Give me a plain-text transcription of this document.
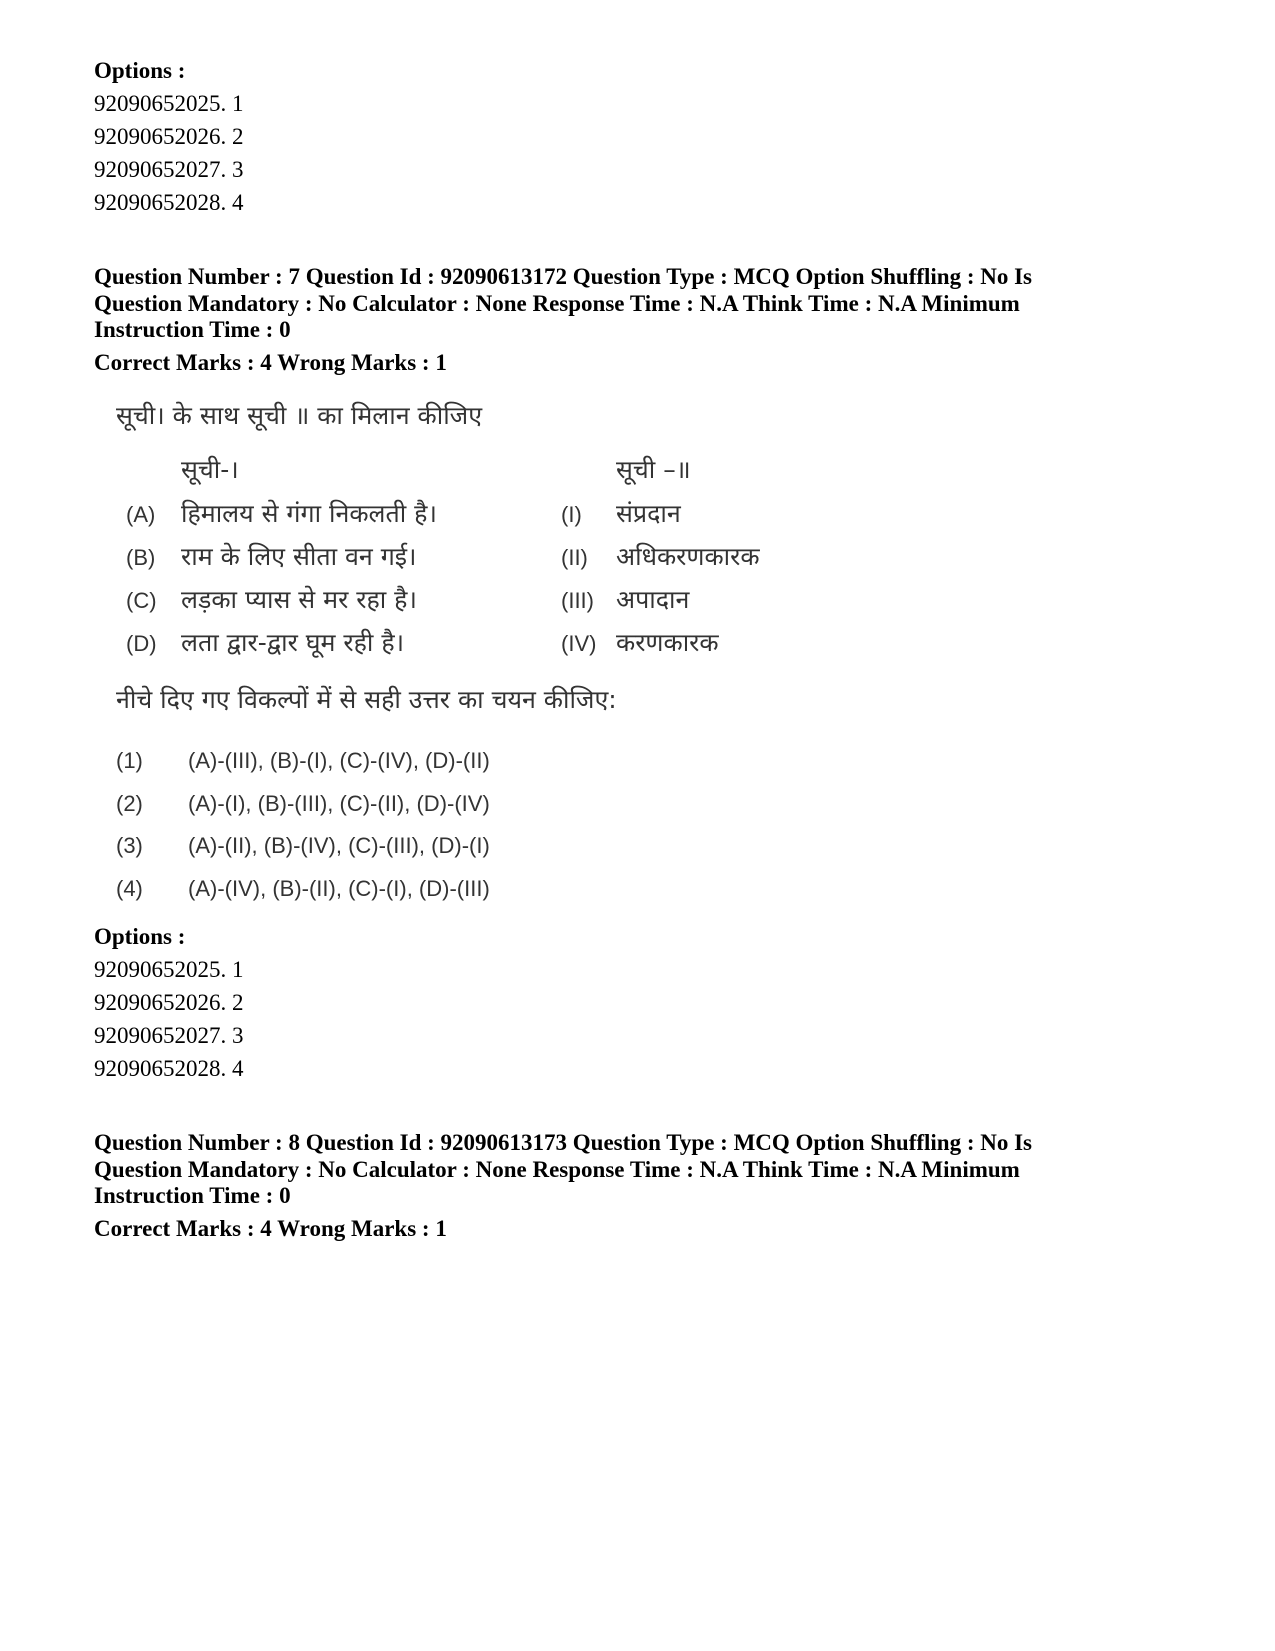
Options :
92090652025. 1
92090652026. 2
92090652027. 3
92090652028. 4
Question Number : 7 Question Id : 92090613172 Question Type : MCQ Option Shuffling : No Is
Question Mandatory : No Calculator : None Response Time : N.A Think Time : N.A Minimum
Instruction Time : 0
Correct Marks : 4 Wrong Marks : 1
सूची। के साथ सूची ॥ का मिलान कीजिए
सूची-।	सूची –॥
(A) हिमालय से गंगा निकलती है।	(I) संप्रदान
(B) राम के लिए सीता वन गई।	(II) अधिकरणकारक
(C) लड़का प्यास से मर रहा है।	(III) अपादान
(D) लता द्वार-द्वार घूम रही है।	(IV) करणकारक
नीचे दिए गए विकल्पों में से सही उत्तर का चयन कीजिए:
(1) (A)-(III), (B)-(I), (C)-(IV), (D)-(II)
(2) (A)-(I), (B)-(III), (C)-(II), (D)-(IV)
(3) (A)-(II), (B)-(IV), (C)-(III), (D)-(I)
(4) (A)-(IV), (B)-(II), (C)-(I), (D)-(III)
Options :
92090652025. 1
92090652026. 2
92090652027. 3
92090652028. 4
Question Number : 8 Question Id : 92090613173 Question Type : MCQ Option Shuffling : No Is
Question Mandatory : No Calculator : None Response Time : N.A Think Time : N.A Minimum
Instruction Time : 0
Correct Marks : 4 Wrong Marks : 1
